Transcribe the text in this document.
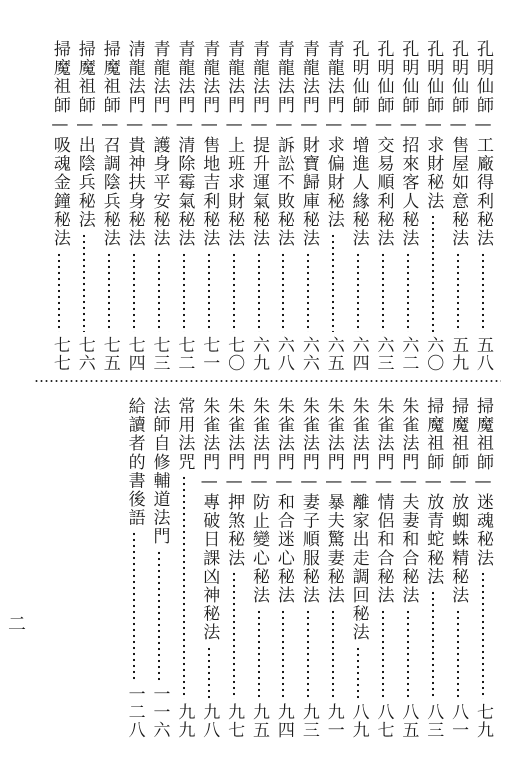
孔明仙師—工廠得利秘法
五八
孔明仙師—售屋如意秘法
五九
孔明仙師—求財秘法
六〇
孔明仙師—招來客人秘法
六二
孔明仙師—交易順利秘法
六三
孔明仙師—增進人緣秘法
六四
青龍法門—求偏財秘法
六五
青龍法門—財寶歸庫秘法
六六
青龍法門—訴訟不敗秘法
六八
青龍法門—提升運氣秘法
六九
青龍法門—上班求財秘法
七〇
青龍法門—售地吉利秘法
七一
青龍法門—清除霉氣秘法
七二
青龍法門—護身平安秘法
七三
清龍法門—貴神扶身秘法
七四
掃魔祖師—召調陰兵秘法
七五
掃魔祖師—出陰兵秘法
七六
掃魔祖師—吸魂金鐘秘法
七七
掃魔祖師—迷魂秘法
七九
掃魔祖師—放蜘蛛精秘法
八一
掃魔祖師—放青蛇秘法
八三
朱雀法門—夫妻和合秘法
八五
朱雀法門—情侶和合秘法
八七
朱雀法門—離家出走調回秘法
八九
朱雀法門—暴夫驚妻秘法
九一
朱雀法門—妻子順服秘法
九三
朱雀法門—和合迷心秘法
九四
朱雀法門—防止變心秘法
九五
朱雀法門—押煞秘法
九七
朱雀法門—專破日課凶神秘法
九八
常用法咒
九九
法師自修輔道法門
一一六
給讀者的書後語
一二八
二
